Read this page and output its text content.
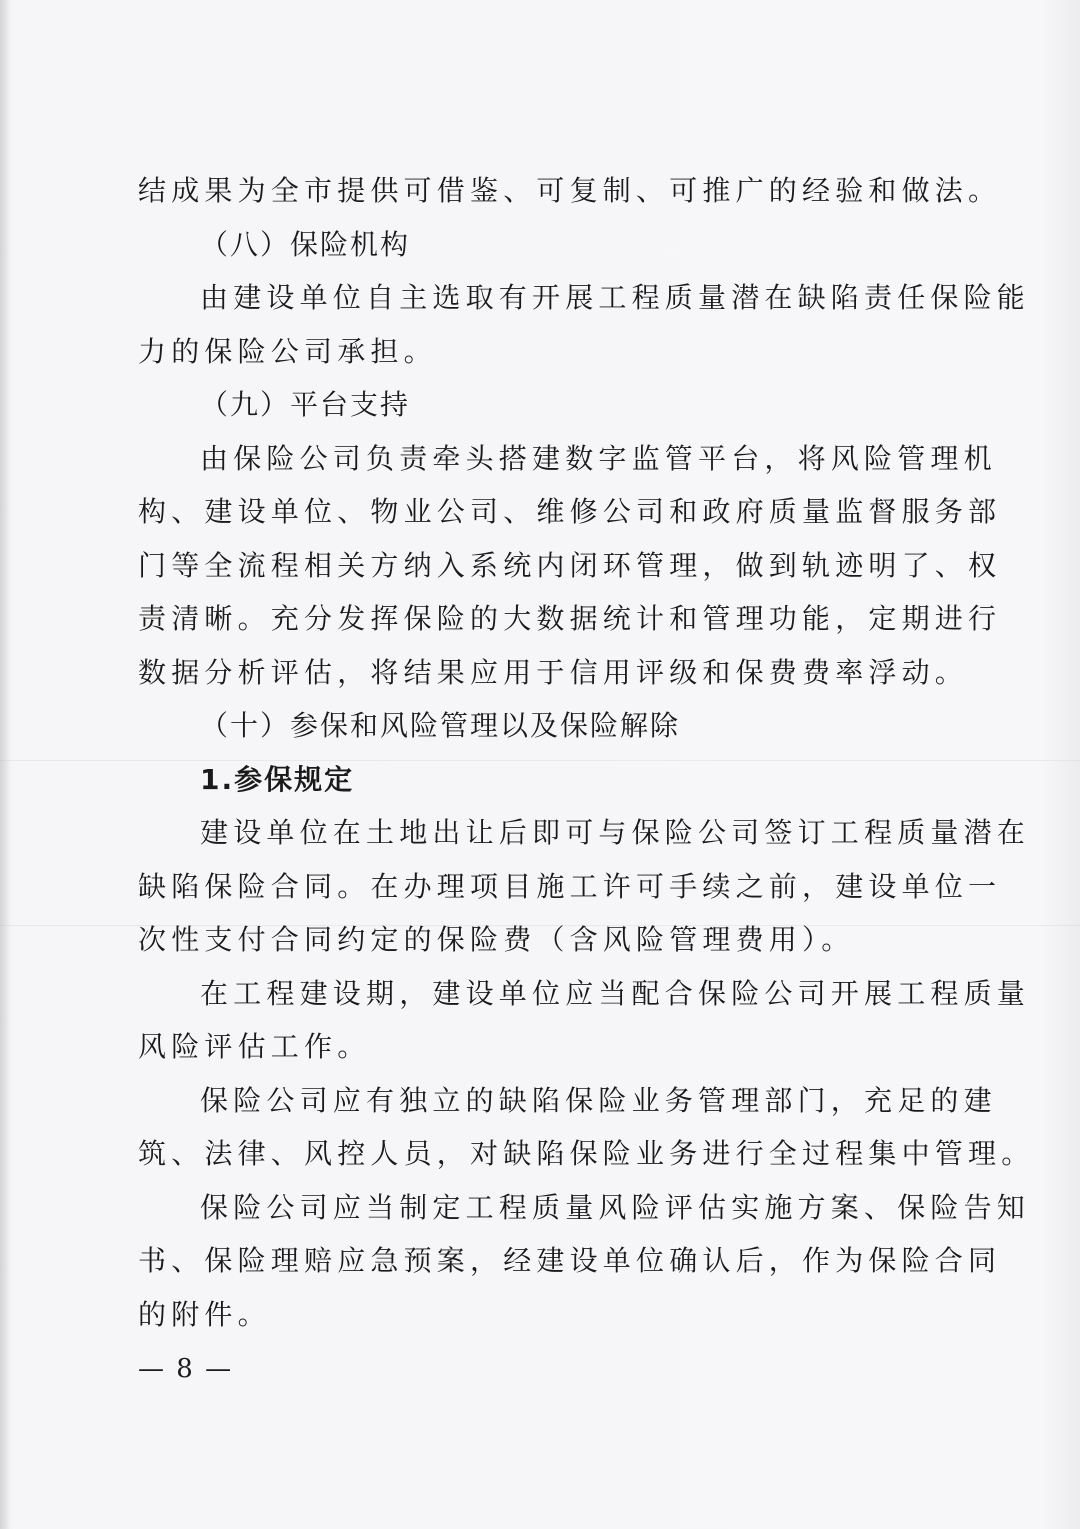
结成果为全市提供可借鉴、可复制、可推广的经验和做法。
（八）保险机构
由建设单位自主选取有开展工程质量潜在缺陷责任保险能
力的保险公司承担。
（九）平台支持
由保险公司负责牵头搭建数字监管平台，将风险管理机
构、建设单位、物业公司、维修公司和政府质量监督服务部
门等全流程相关方纳入系统内闭环管理，做到轨迹明了、权
责清晰。充分发挥保险的大数据统计和管理功能，定期进行
数据分析评估，将结果应用于信用评级和保费费率浮动。
（十）参保和风险管理以及保险解除
1.参保规定
建设单位在土地出让后即可与保险公司签订工程质量潜在
缺陷保险合同。在办理项目施工许可手续之前，建设单位一
次性支付合同约定的保险费（含风险管理费用）。
在工程建设期，建设单位应当配合保险公司开展工程质量
风险评估工作。
保险公司应有独立的缺陷保险业务管理部门，充足的建
筑、法律、风控人员，对缺陷保险业务进行全过程集中管理。
保险公司应当制定工程质量风险评估实施方案、保险告知
书、保险理赔应急预案，经建设单位确认后，作为保险合同
的附件。
— 8 —
